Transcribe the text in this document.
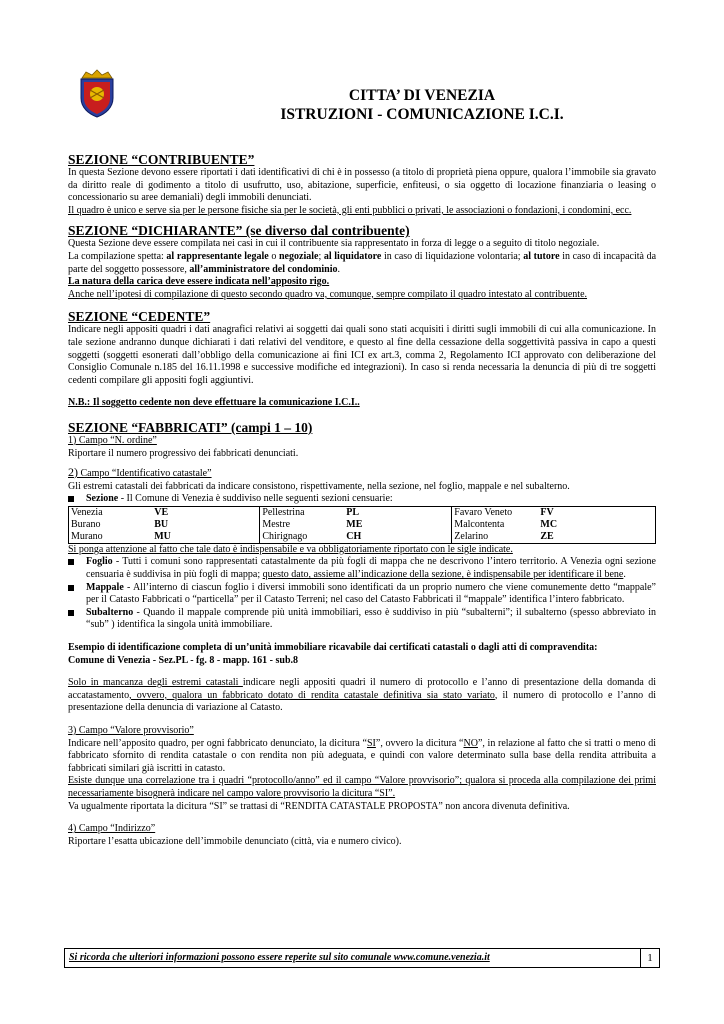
CITTA’ DI VENEZIA
ISTRUZIONI - COMUNICAZIONE I.C.I.
SEZIONE “CONTRIBUENTE”

In questa Sezione devono essere riportati i dati identificativi di chi è in possesso (a titolo di proprietà piena oppure, qualora l’immobile sia gravato da diritto reale di godimento a titolo di usufrutto, uso, abitazione, superficie, enfiteusi, o sia oggetto di locazione finanziaria o leasing o concessionario su aree demaniali) degli immobili denunciati.

Il quadro è unico e serve sia per le persone fisiche sia per le società, gli enti pubblici o privati, le associazioni o fondazioni, i condomini, ecc.

SEZIONE “DICHIARANTE” (se diverso dal contribuente)

Questa Sezione deve essere compilata nei casi in cui il contribuente sia rappresentato in forza di legge o a seguito di titolo negoziale.

La compilazione spetta: al rappresentante legale o negoziale; al liquidatore in caso di liquidazione volontaria; al tutore in caso di incapacità da parte del soggetto possessore, all’amministratore del condominio.

La natura della carica deve essere indicata nell’apposito rigo.

Anche nell’ipotesi di compilazione di questo secondo quadro va, comunque, sempre compilato il quadro intestato al contribuente.

SEZIONE “CEDENTE”

Indicare negli appositi quadri i dati anagrafici relativi ai soggetti dai quali sono stati acquisiti i diritti sugli immobili di cui alla comunicazione. In tale sezione andranno dunque dichiarati i dati relativi del venditore, e questo al fine della cessazione della soggettività passiva in capo a questi soggetti (soggetti esonerati dall’obbligo della comunicazione ai fini ICI ex art.3, comma 2, Regolamento ICI approvato con deliberazione del Consiglio Comunale n.185 del 16.11.1998 e successive modifiche ed integrazioni). In caso si renda necessaria la denuncia di più di tre soggetti cedenti compilare gli appositi fogli aggiuntivi.

N.B.: Il soggetto cedente non deve effettuare la comunicazione I.C.I..

SEZIONE “FABBRICATI” (campi 1 – 10)

1) Campo “N. ordine”

Riportare il numero progressivo dei fabbricati denunciati.

2) Campo “Identificativo catastale”

Gli estremi catastali dei fabbricati da indicare consistono, rispettivamente, nella sezione, nel foglio, mappale e nel subalterno.

Sezione - Il Comune di Venezia è suddiviso nelle seguenti sezioni censuarie:
Venezia	VE	Pellestrina	PL	Favaro Veneto	FV
Burano	BU	Mestre	ME	Malcontenta	MC
Murano	MU	Chirignago	CH	Zelarino	ZE

Si ponga attenzione al fatto che tale dato è indispensabile e va obbligatoriamente riportato con le sigle indicate.

Foglio - Tutti i comuni sono rappresentati catastalmente da più fogli di mappa che ne descrivono l’intero territorio. A Venezia ogni sezione censuaria è suddivisa in più fogli di mappa; questo dato, assieme all’indicazione della sezione, è indispensabile per identificare il bene.
Mappale - All’interno di ciascun foglio i diversi immobili sono identificati da un proprio numero che viene comunemente detto “mappale” per il Catasto Fabbricati o “particella” per il Catasto Terreni; nel caso del Catasto Fabbricati il “mappale” identifica l’intero fabbricato.
Subalterno - Quando il mappale comprende più unità immobiliari, esso è suddiviso in più “subalterni”; il subalterno (spesso abbreviato in “sub” ) identifica la singola unità immobiliare.

Esempio di identificazione completa di un’unità immobiliare ricavabile dai certificati catastali o dagli atti di compravendita:

Comune di Venezia - Sez.PL - fg. 8 - mapp. 161 - sub.8

Solo in mancanza degli estremi catastali indicare negli appositi quadri il numero di protocollo e l’anno di presentazione della domanda di accatastamento, ovvero, qualora un fabbricato dotato di rendita catastale definitiva sia stato variato, il numero di protocollo e l’anno di presentazione della denuncia di variazione al Catasto.

3) Campo “Valore provvisorio”

Indicare nell’apposito quadro, per ogni fabbricato denunciato, la dicitura “SI”, ovvero la dicitura “NO”, in relazione al fatto che si tratti o meno di fabbricato sfornito di rendita catastale o con rendita non più adeguata, e quindi con valore determinato sulla base della rendita attribuita a fabbricati similari già iscritti in catasto.

Esiste dunque una correlazione tra i quadri “protocollo/anno” ed il campo “Valore provvisorio”; qualora si proceda alla compilazione dei primi necessariamente bisognerà indicare nel campo valore provvisorio la dicitura “SI”.

Va ugualmente riportata la dicitura “SI” se trattasi di “RENDITA CATASTALE PROPOSTA” non ancora divenuta definitiva.

4) Campo “Indirizzo”

Riportare l’esatta ubicazione dell’immobile denunciato (città, via e numero civico).

Si ricorda che ulteriori informazioni possono essere reperite sul sito comunale www.comune.venezia.it	1
